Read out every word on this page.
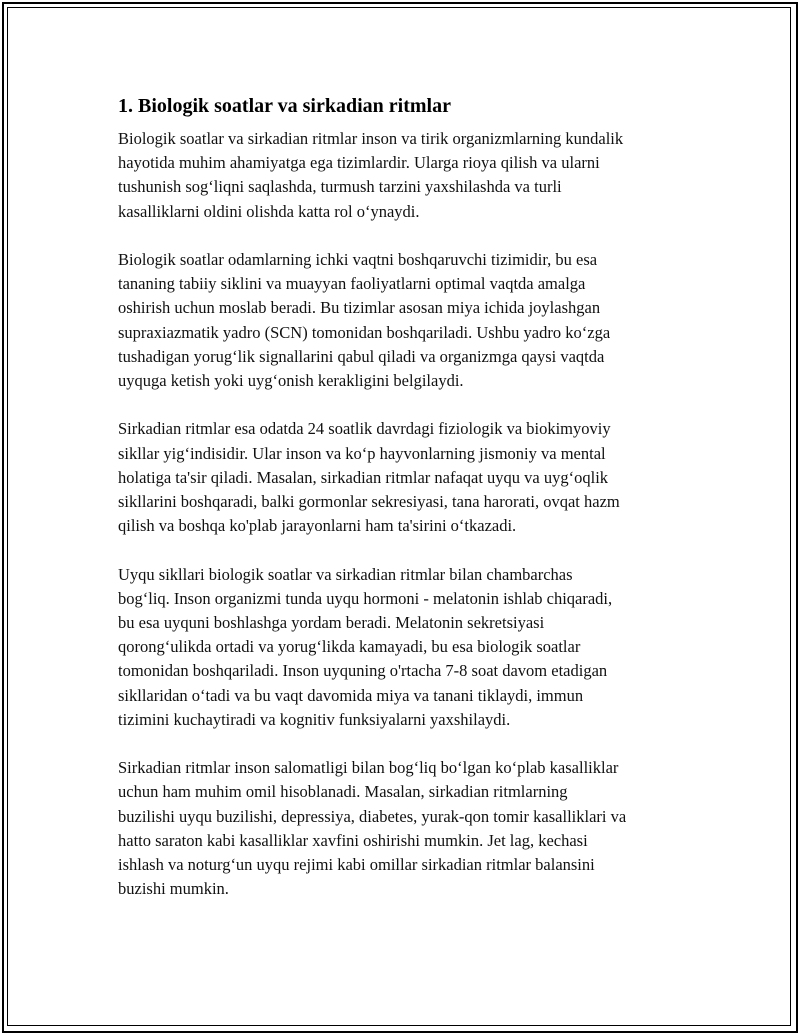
1. Biologik soatlar va sirkadian ritmlar

Biologik soatlar va sirkadian ritmlar inson va tirik organizmlarning kundalik
hayotida muhim ahamiyatga ega tizimlardir. Ularga rioya qilish va ularni
tushunish sog‘liqni saqlashda, turmush tarzini yaxshilashda va turli
kasalliklarni oldini olishda katta rol o‘ynaydi.

Biologik soatlar odamlarning ichki vaqtni boshqaruvchi tizimidir, bu esa
tananing tabiiy siklini va muayyan faoliyatlarni optimal vaqtda amalga
oshirish uchun moslab beradi. Bu tizimlar asosan miya ichida joylashgan
supraxiazmatik yadro (SCN) tomonidan boshqariladi. Ushbu yadro ko‘zga
tushadigan yorug‘lik signallarini qabul qiladi va organizmga qaysi vaqtda
uyquga ketish yoki uyg‘onish kerakligini belgilaydi.

Sirkadian ritmlar esa odatda 24 soatlik davrdagi fiziologik va biokimyoviy
sikllar yig‘indisidir. Ular inson va ko‘p hayvonlarning jismoniy va mental
holatiga ta'sir qiladi. Masalan, sirkadian ritmlar nafaqat uyqu va uyg‘oqlik
sikllarini boshqaradi, balki gormonlar sekresiyasi, tana harorati, ovqat hazm
qilish va boshqa ko'plab jarayonlarni ham ta'sirini o‘tkazadi.

Uyqu sikllari biologik soatlar va sirkadian ritmlar bilan chambarchas
bog‘liq. Inson organizmi tunda uyqu hormoni - melatonin ishlab chiqaradi,
bu esa uyquni boshlashga yordam beradi. Melatonin sekretsiyasi
qorong‘ulikda ortadi va yorug‘likda kamayadi, bu esa biologik soatlar
tomonidan boshqariladi. Inson uyquning o'rtacha 7-8 soat davom etadigan
sikllaridan o‘tadi va bu vaqt davomida miya va tanani tiklaydi, immun
tizimini kuchaytiradi va kognitiv funksiyalarni yaxshilaydi.

Sirkadian ritmlar inson salomatligi bilan bog‘liq bo‘lgan ko‘plab kasalliklar
uchun ham muhim omil hisoblanadi. Masalan, sirkadian ritmlarning
buzilishi uyqu buzilishi, depressiya, diabetes, yurak-qon tomir kasalliklari va
hatto saraton kabi kasalliklar xavfini oshirishi mumkin. Jet lag, kechasi
ishlash va noturg‘un uyqu rejimi kabi omillar sirkadian ritmlar balansini
buzishi mumkin.
